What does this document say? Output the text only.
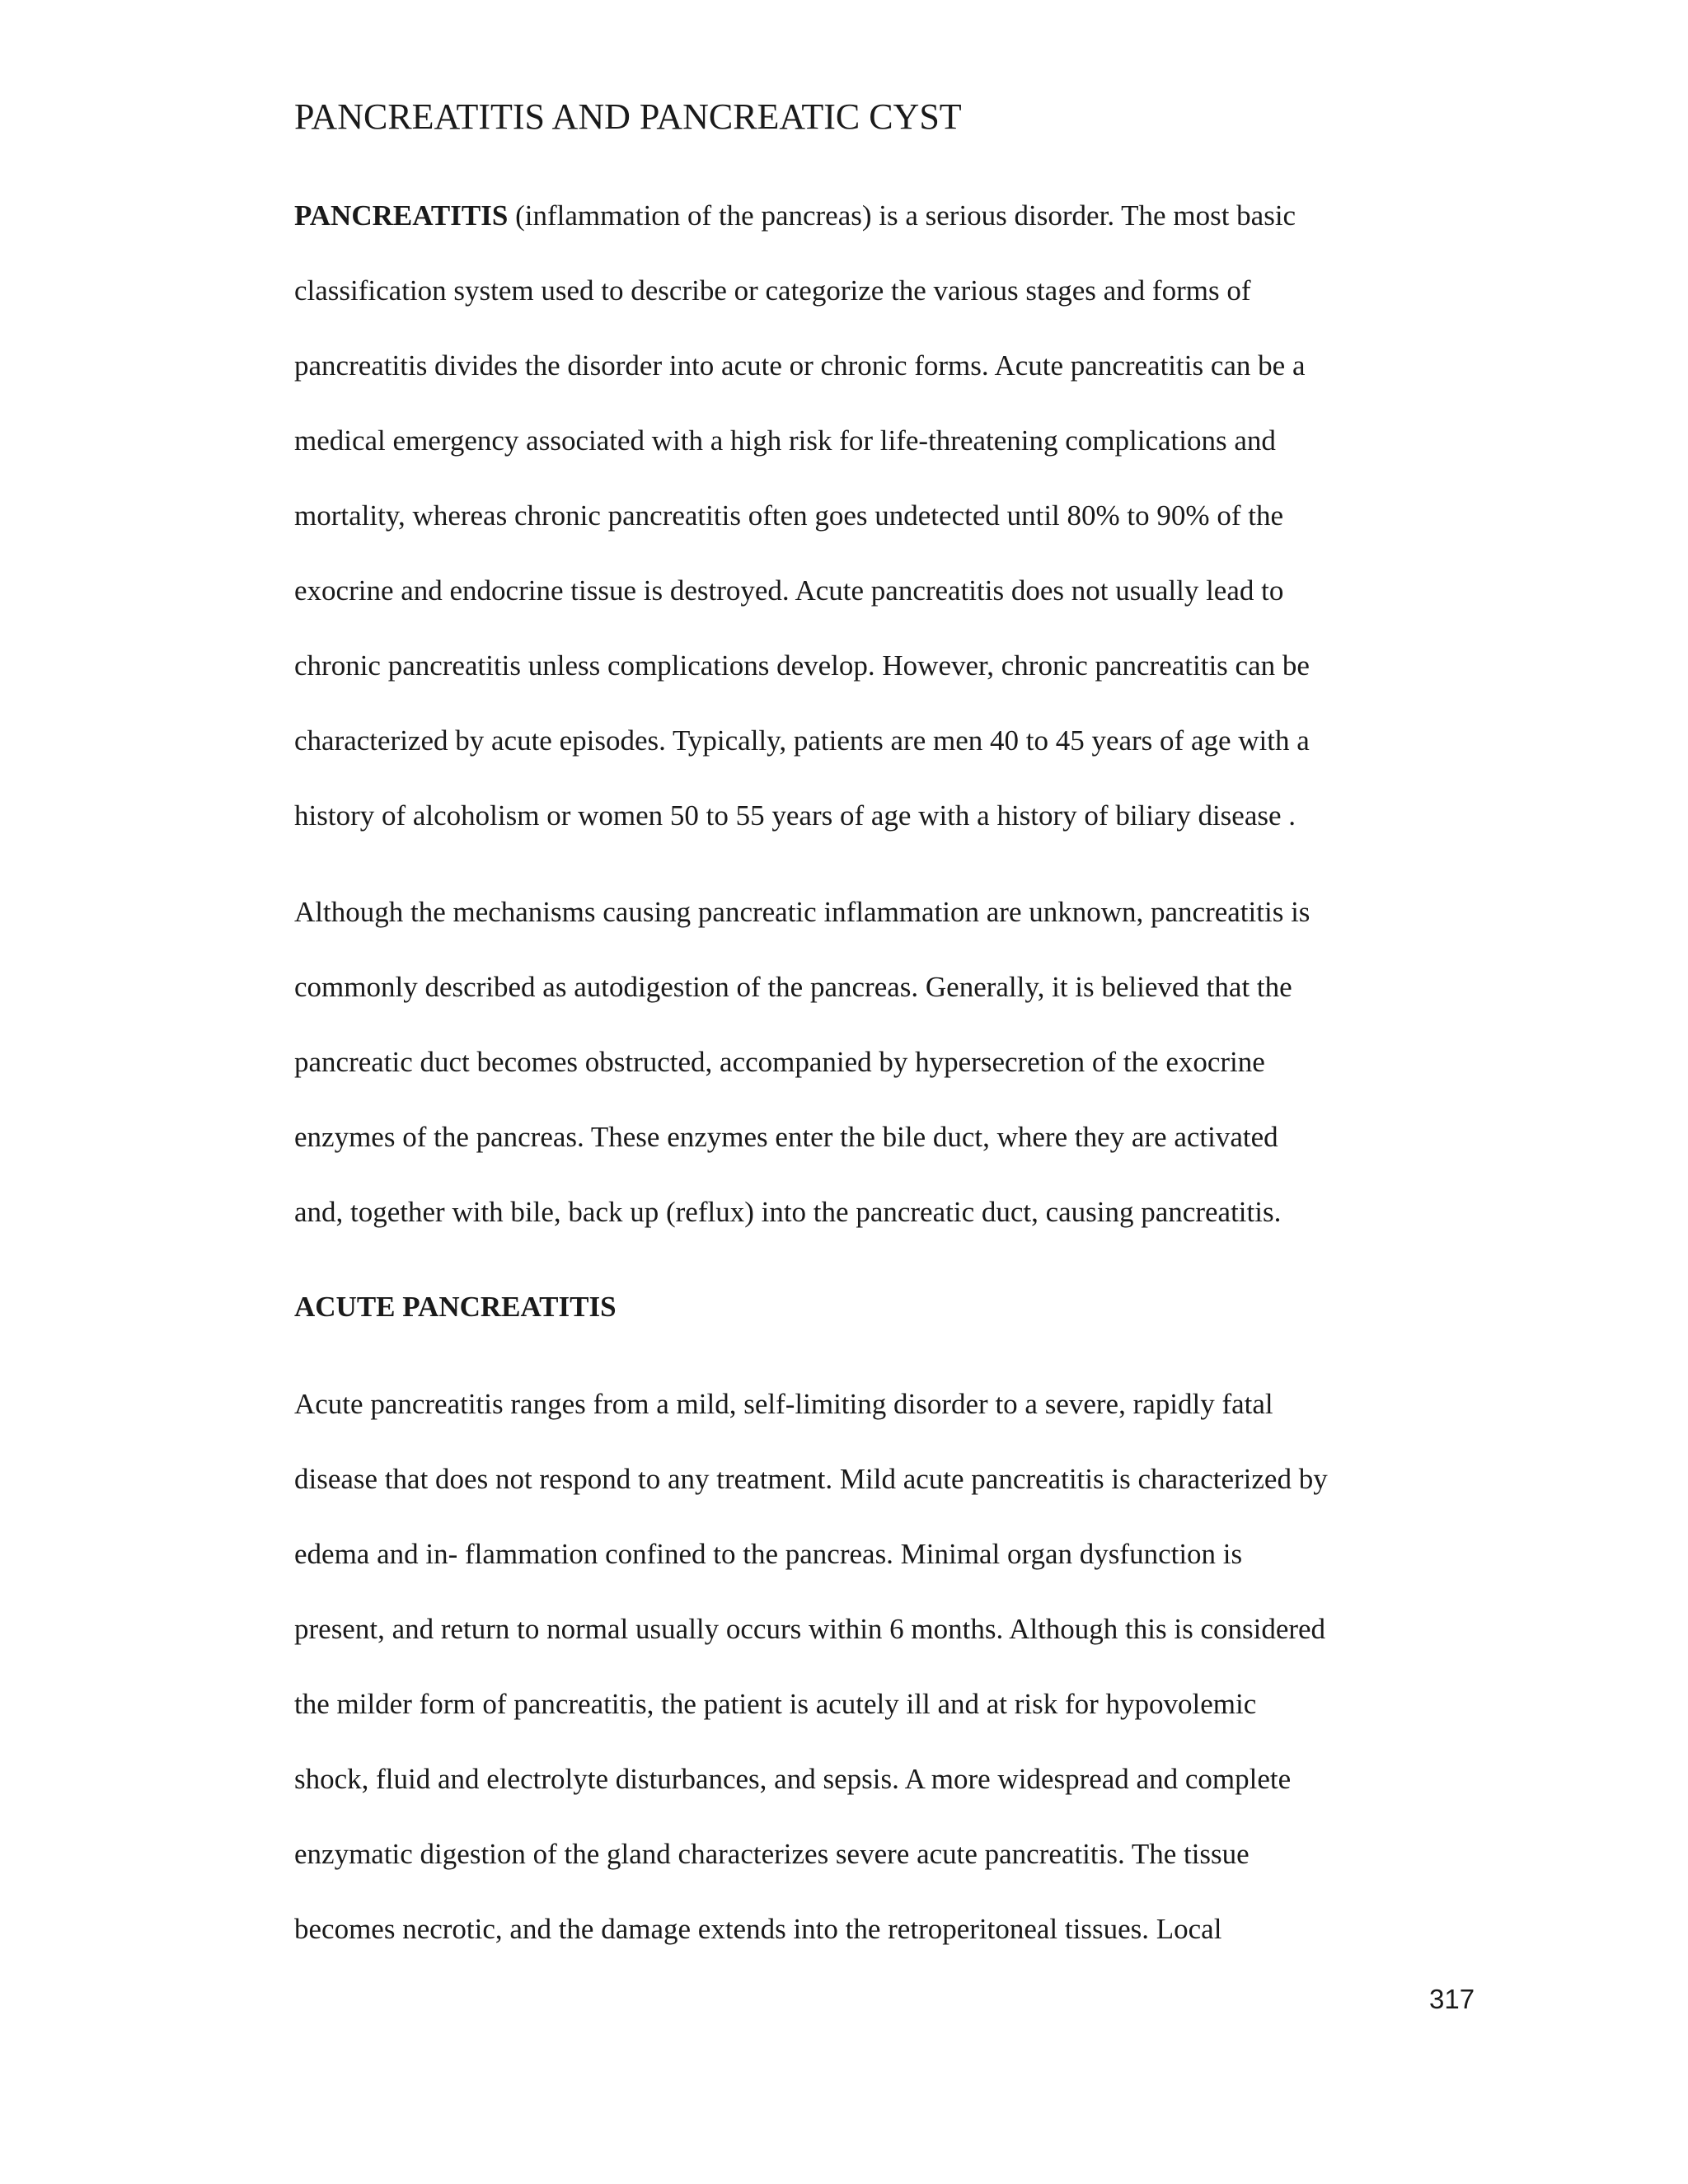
PANCREATITIS AND PANCREATIC CYST

PANCREATITIS (inflammation of the pancreas) is a serious disorder. The most basic

classification system used to describe or categorize the various stages and forms of

pancreatitis divides the disorder into acute or chronic forms. Acute pancreatitis can be a

medical emergency associated with a high risk for life-threatening complications and

mortality, whereas chronic pancreatitis often goes undetected until 80% to 90% of the

exocrine and endocrine tissue is destroyed. Acute pancreatitis does not usually lead to

chronic pancreatitis unless complications develop. However, chronic pancreatitis can be

characterized by acute episodes. Typically, patients are men 40 to 45 years of age with a

history of alcoholism or women 50 to 55 years of age with a history of biliary disease .

Although the mechanisms causing pancreatic inflammation are unknown, pancreatitis is

commonly described as autodigestion of the pancreas. Generally, it is believed that the

pancreatic duct becomes obstructed, accompanied by hypersecretion of the exocrine

enzymes of the pancreas. These enzymes enter the bile duct, where they are activated

and, together with bile, back up (reflux) into the pancreatic duct, causing pancreatitis.

ACUTE PANCREATITIS

Acute pancreatitis ranges from a mild, self-limiting disorder to a severe, rapidly fatal

disease that does not respond to any treatment. Mild acute pancreatitis is characterized by

edema and in- flammation confined to the pancreas. Minimal organ dysfunction is

present, and return to normal usually occurs within 6 months. Although this is considered

the milder form of pancreatitis, the patient is acutely ill and at risk for hypovolemic

shock, fluid and electrolyte disturbances, and sepsis. A more widespread and complete

enzymatic digestion of the gland characterizes severe acute pancreatitis. The tissue

becomes necrotic, and the damage extends into the retroperitoneal tissues. Local

317
